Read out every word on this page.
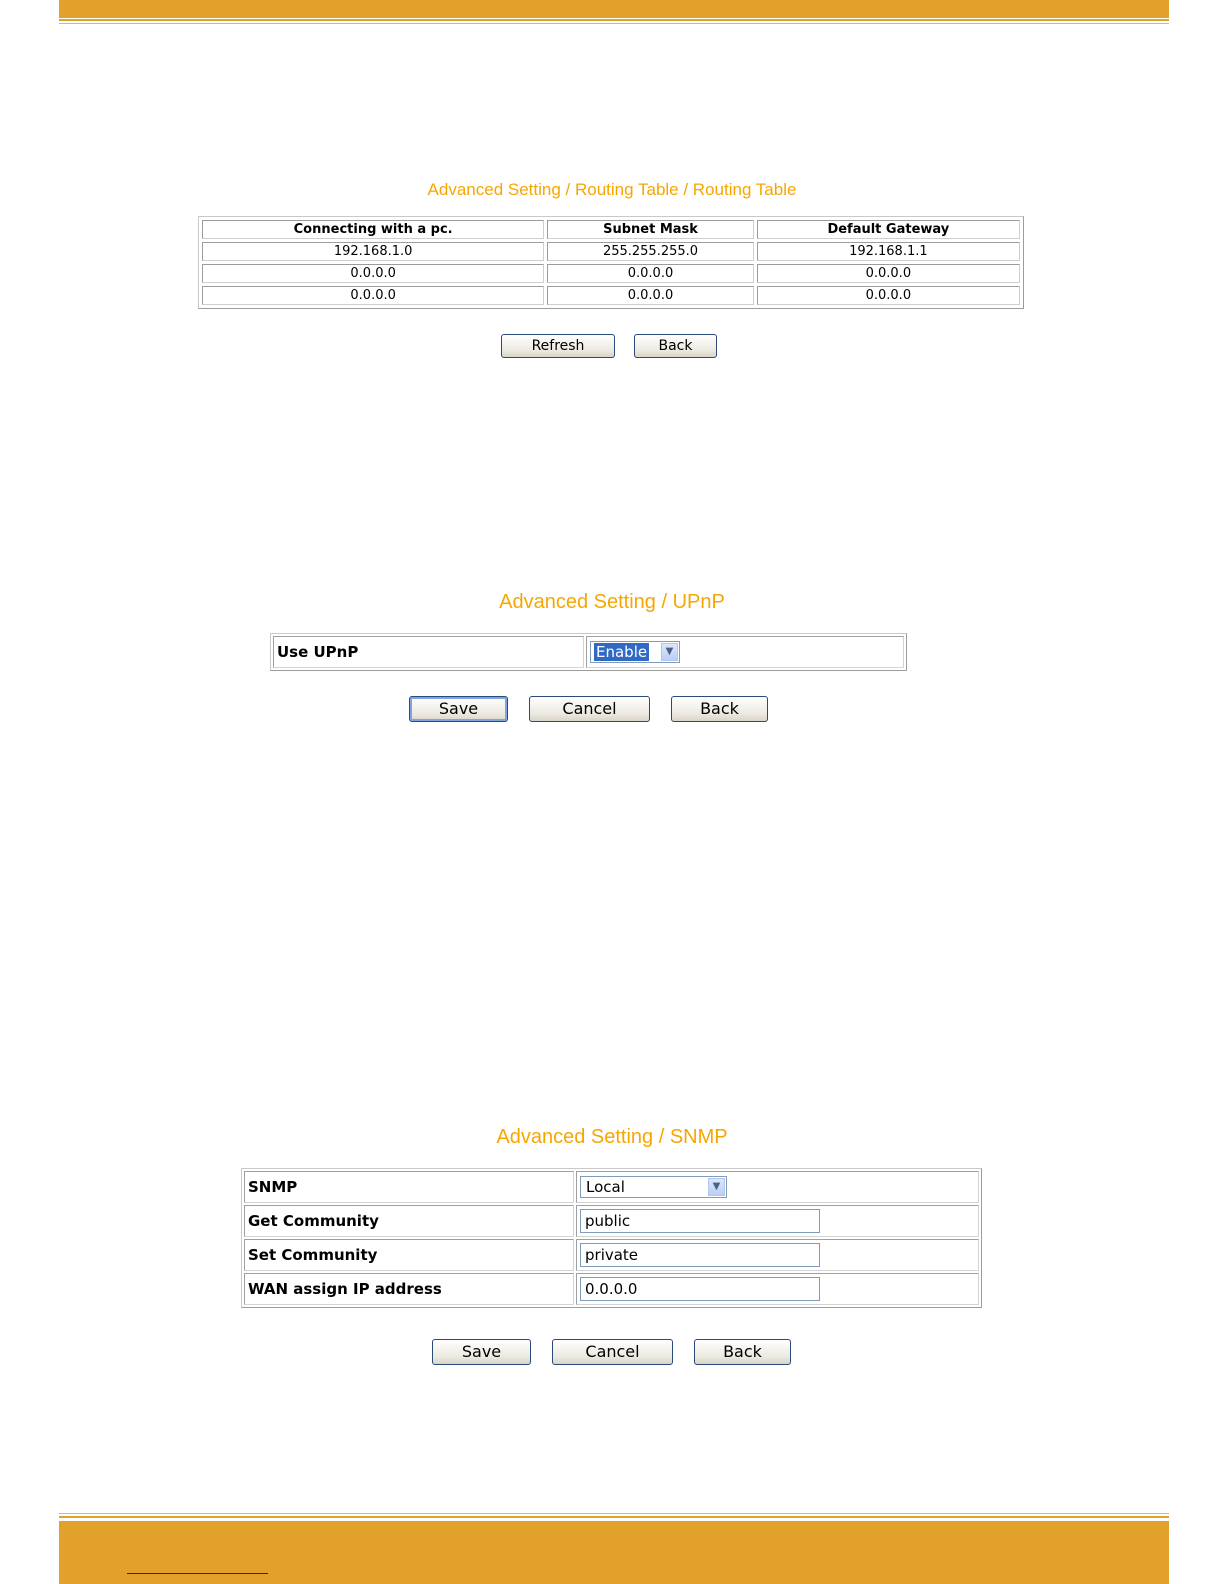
Advanced Setting / Routing Table / Routing Table
Connecting with a pc.	Subnet Mask	Default Gateway
192.168.1.0	255.255.255.0	192.168.1.1
0.0.0.0	0.0.0.0	0.0.0.0
0.0.0.0	0.0.0.0	0.0.0.0
Refresh	Back
Advanced Setting / UPnP
Use UPnP	Enable	▼
Save	Cancel	Back
Advanced Setting / SNMP
SNMP	Local ▼

Get Community	public
Set Community	private
WAN assign IP address	0.0.0.0
Save	Cancel	Back
